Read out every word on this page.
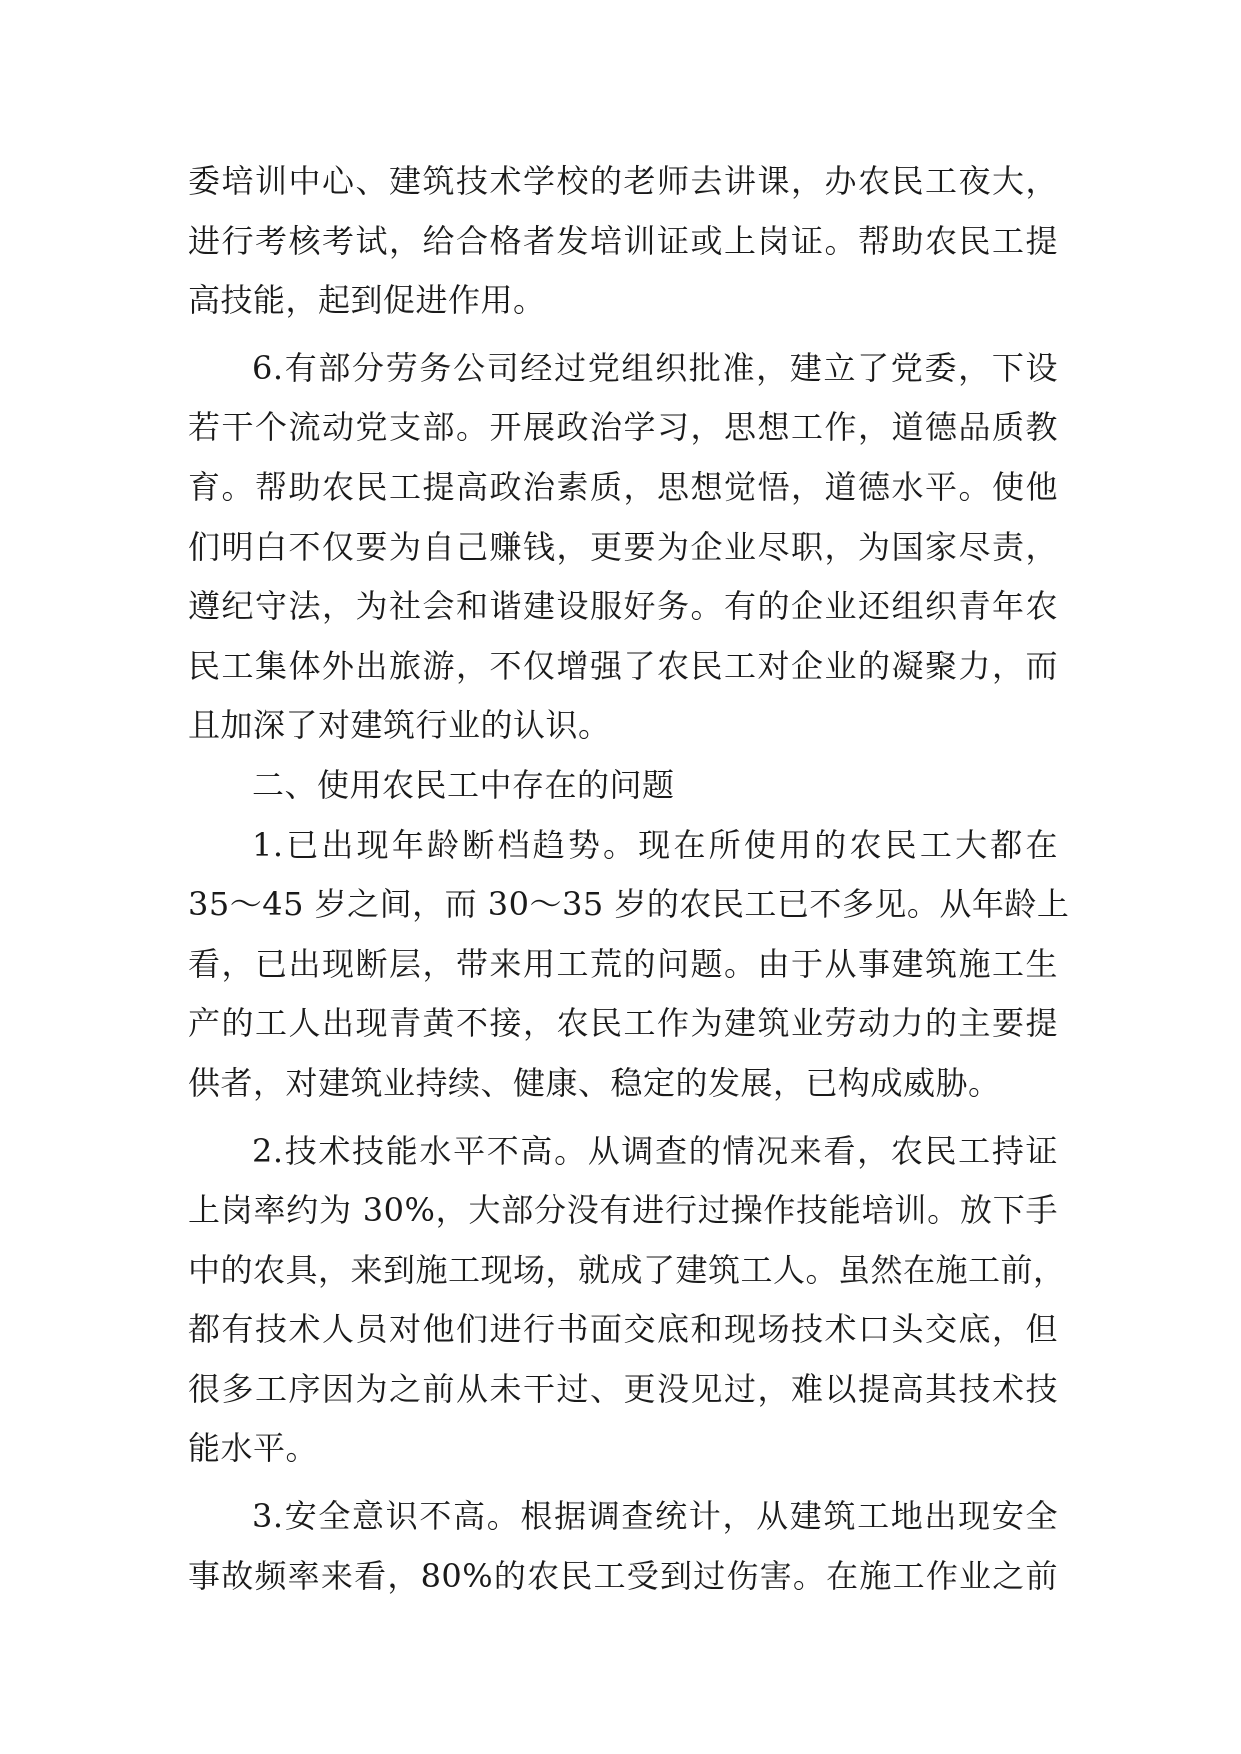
委培训中心、建筑技术学校的老师去讲课，办农民工夜大，
进行考核考试，给合格者发培训证或上岗证。帮助农民工提
高技能，起到促进作用。
6.有部分劳务公司经过党组织批准，建立了党委，下设
若干个流动党支部。开展政治学习，思想工作，道德品质教
育。帮助农民工提高政治素质，思想觉悟，道德水平。使他
们明白不仅要为自己赚钱，更要为企业尽职，为国家尽责，
遵纪守法，为社会和谐建设服好务。有的企业还组织青年农
民工集体外出旅游，不仅增强了农民工对企业的凝聚力，而
且加深了对建筑行业的认识。
二、使用农民工中存在的问题
1.已出现年龄断档趋势。现在所使用的农民工大都在
35～45 岁之间，而 30～35 岁的农民工已不多见。从年龄上
看，已出现断层，带来用工荒的问题。由于从事建筑施工生
产的工人出现青黄不接，农民工作为建筑业劳动力的主要提
供者，对建筑业持续、健康、稳定的发展，已构成威胁。
2.技术技能水平不高。从调查的情况来看，农民工持证
上岗率约为 30%，大部分没有进行过操作技能培训。放下手
中的农具，来到施工现场，就成了建筑工人。虽然在施工前，
都有技术人员对他们进行书面交底和现场技术口头交底，但
很多工序因为之前从未干过、更没见过，难以提高其技术技
能水平。
3.安全意识不高。根据调查统计，从建筑工地出现安全
事故频率来看，80%的农民工受到过伤害。在施工作业之前
